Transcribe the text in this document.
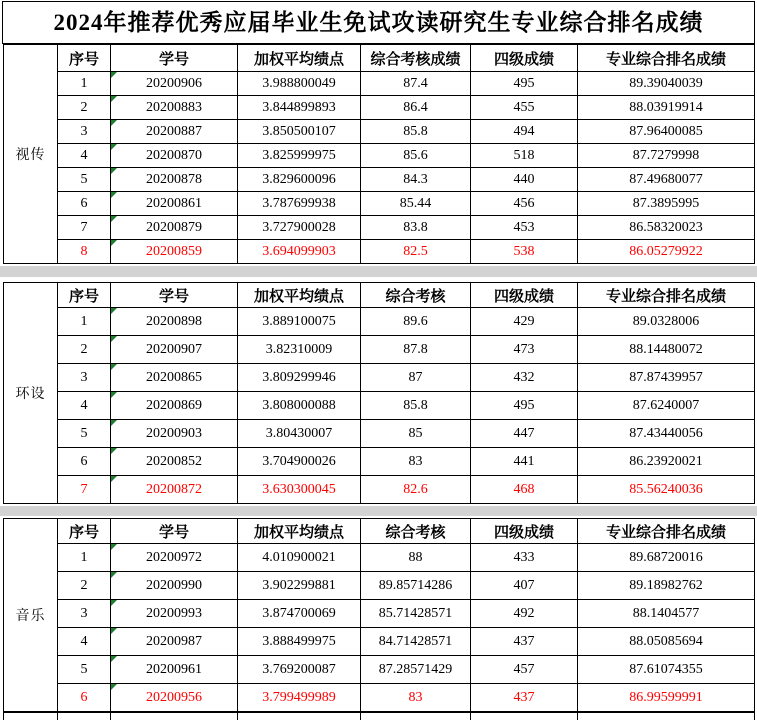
2024年推荐优秀应届毕业生免试攻读研究生专业综合排名成绩
视传	序号	学号	加权平均绩点	综合考核成绩	四级成绩	专业综合排名成绩
	1	20200906	3.988800049	87.4	495	89.39040039
	2	20200883	3.844899893	86.4	455	88.03919914
	3	20200887	3.850500107	85.8	494	87.96400085
	4	20200870	3.825999975	85.6	518	87.7279998
	5	20200878	3.829600096	84.3	440	87.49680077
	6	20200861	3.787699938	85.44	456	87.3895995
	7	20200879	3.727900028	83.8	453	86.58320023
	8	20200859	3.694099903	82.5	538	86.05279922
环设	序号	学号	加权平均绩点	综合考核	四级成绩	专业综合排名成绩
	1	20200898	3.889100075	89.6	429	89.0328006
	2	20200907	3.82310009	87.8	473	88.14480072
	3	20200865	3.809299946	87	432	87.87439957
	4	20200869	3.808000088	85.8	495	87.6240007
	5	20200903	3.80430007	85	447	87.43440056
	6	20200852	3.704900026	83	441	86.23920021
	7	20200872	3.630300045	82.6	468	85.56240036
音乐	序号	学号	加权平均绩点	综合考核	四级成绩	专业综合排名成绩
	1	20200972	4.010900021	88	433	89.68720016
	2	20200990	3.902299881	89.85714286	407	89.18982762
	3	20200993	3.874700069	85.71428571	492	88.1404577
	4	20200987	3.888499975	84.71428571	437	88.05085694
	5	20200961	3.769200087	87.28571429	457	87.61074355
	6	20200956	3.799499989	83	437	86.99599991
